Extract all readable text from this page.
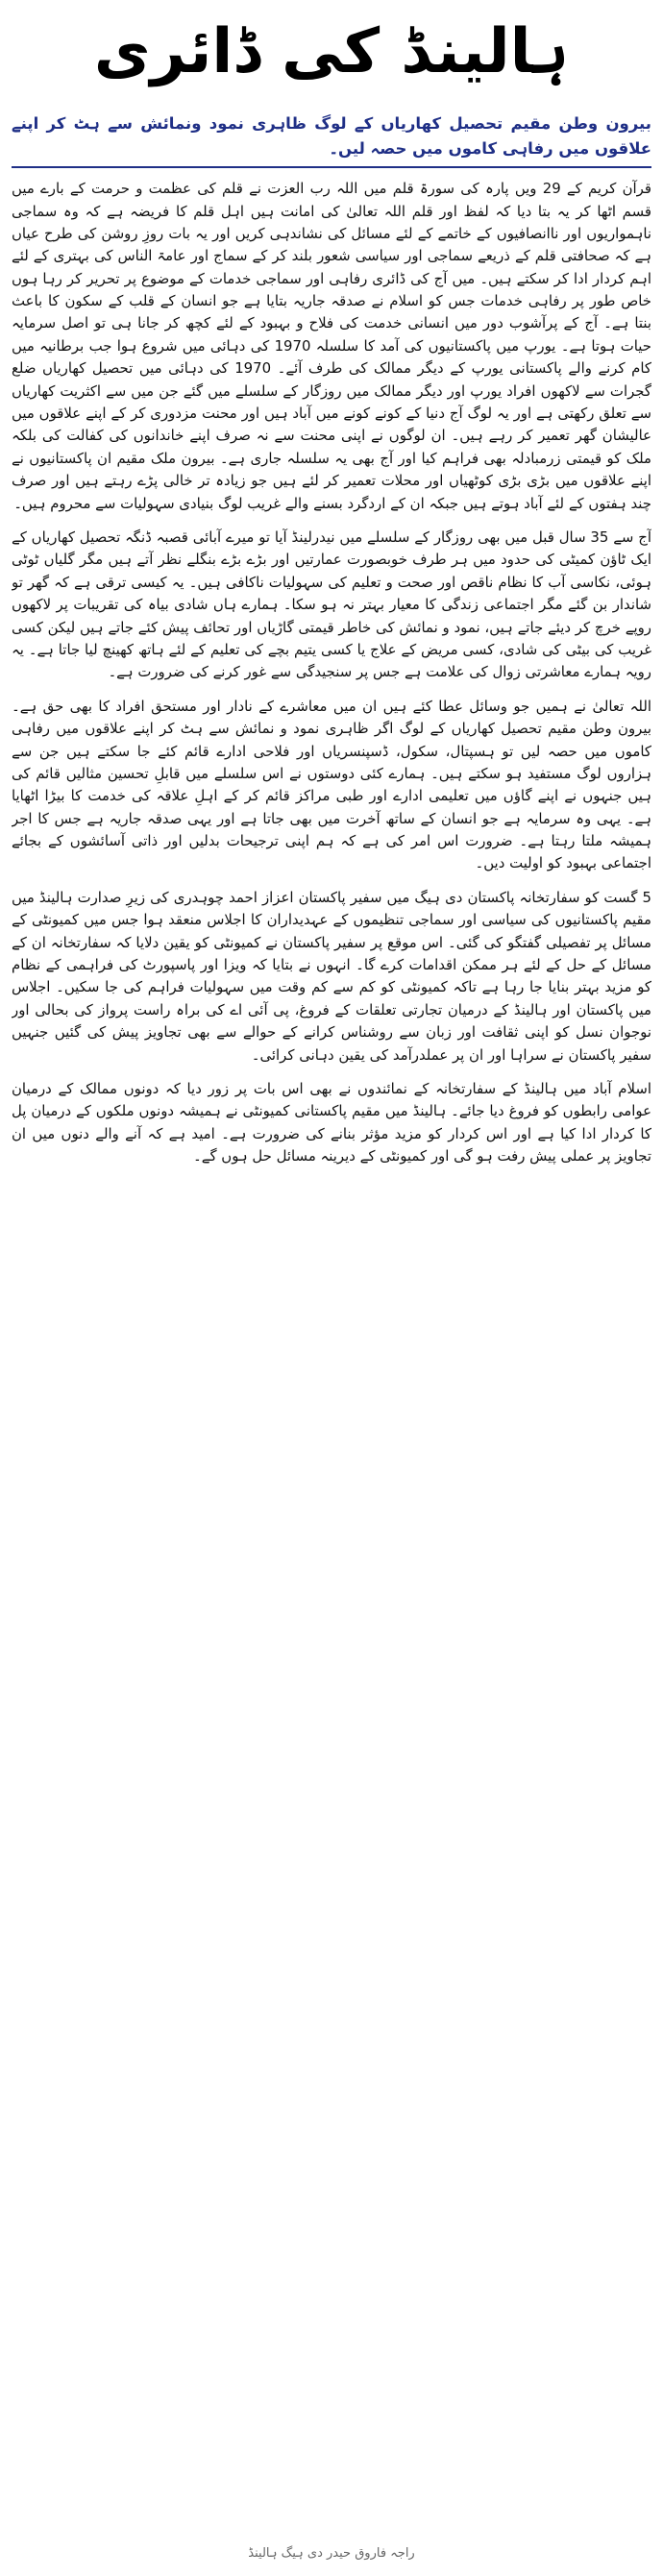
ہالینڈ کی ڈائری

بیرون وطن مقیم تحصیل کھاریاں کے لوگ ظاہری نمود ونمائش سے ہٹ کر اپنے علاقوں میں رفاہی کاموں میں حصہ لیں۔

قرآن کریم کے 29 ویں پارہ کی سورۃ قلم میں اللہ رب العزت نے قلم کی عظمت و حرمت کے بارے میں قسم اٹھا کر یہ بتا دیا کہ لفظ اور قلم اللہ تعالیٰ کی امانت ہیں اہل قلم کا فریضہ ہے کہ وہ سماجی ناہمواریوں اور ناانصافیوں کے خاتمے کے لئے مسائل کی نشاندہی کریں اور یہ بات روزِ روشن کی طرح عیاں ہے کہ صحافتی قلم کے ذریعے سماجی اور سیاسی شعور بلند کر کے سماج اور عامۃ الناس کی بہتری کے لئے اہم کردار ادا کر سکتے ہیں۔ میں آج کی ڈائری رفاہی اور سماجی خدمات کے موضوع پر تحریر کر رہا ہوں خاص طور پر رفاہی خدمات جس کو اسلام نے صدقہ جاریہ بتایا ہے جو انسان کے قلب کے سکون کا باعث بنتا ہے۔ آج کے پرآشوب دور میں انسانی خدمت کی فلاح و بہبود کے لئے کچھ کر جانا ہی تو اصل سرمایہ حیات ہوتا ہے۔ یورپ میں پاکستانیوں کی آمد کا سلسلہ 1970 کی دہائی میں شروع ہوا جب برطانیہ میں کام کرنے والے پاکستانی یورپ کے دیگر ممالک کی طرف آئے۔ 1970 کی دہائی میں تحصیل کھاریاں ضلع گجرات سے لاکھوں افراد یورپ اور دیگر ممالک میں روزگار کے سلسلے میں گئے جن میں سے اکثریت کھاریاں سے تعلق رکھتی ہے اور یہ لوگ آج دنیا کے کونے کونے میں آباد ہیں اور محنت مزدوری کر کے اپنے علاقوں میں عالیشان گھر تعمیر کر رہے ہیں۔ ان لوگوں نے اپنی محنت سے نہ صرف اپنے خاندانوں کی کفالت کی بلکہ ملک کو قیمتی زرمبادلہ بھی فراہم کیا اور آج بھی یہ سلسلہ جاری ہے۔ بیرون ملک مقیم ان پاکستانیوں نے اپنے علاقوں میں بڑی بڑی کوٹھیاں اور محلات تعمیر کر لئے ہیں جو زیادہ تر خالی پڑے رہتے ہیں اور صرف چند ہفتوں کے لئے آباد ہوتے ہیں جبکہ ان کے اردگرد بسنے والے غریب لوگ بنیادی سہولیات سے محروم ہیں۔

آج سے 35 سال قبل میں بھی روزگار کے سلسلے میں نیدرلینڈ آیا تو میرے آبائی قصبہ ڈنگہ تحصیل کھاریاں کے ایک ٹاؤن کمیٹی کی حدود میں ہر طرف خوبصورت عمارتیں اور بڑے بڑے بنگلے نظر آتے ہیں مگر گلیاں ٹوٹی ہوئی، نکاسی آب کا نظام ناقص اور صحت و تعلیم کی سہولیات ناکافی ہیں۔ یہ کیسی ترقی ہے کہ گھر تو شاندار بن گئے مگر اجتماعی زندگی کا معیار بہتر نہ ہو سکا۔ ہمارے ہاں شادی بیاہ کی تقریبات پر لاکھوں روپے خرچ کر دیئے جاتے ہیں، نمود و نمائش کی خاطر قیمتی گاڑیاں اور تحائف پیش کئے جاتے ہیں لیکن کسی غریب کی بیٹی کی شادی، کسی مریض کے علاج یا کسی یتیم بچے کی تعلیم کے لئے ہاتھ کھینچ لیا جاتا ہے۔ یہ رویہ ہمارے معاشرتی زوال کی علامت ہے جس پر سنجیدگی سے غور کرنے کی ضرورت ہے۔

اللہ تعالیٰ نے ہمیں جو وسائل عطا کئے ہیں ان میں معاشرے کے نادار اور مستحق افراد کا بھی حق ہے۔ بیرون وطن مقیم تحصیل کھاریاں کے لوگ اگر ظاہری نمود و نمائش سے ہٹ کر اپنے علاقوں میں رفاہی کاموں میں حصہ لیں تو ہسپتال، سکول، ڈسپنسریاں اور فلاحی ادارے قائم کئے جا سکتے ہیں جن سے ہزاروں لوگ مستفید ہو سکتے ہیں۔ ہمارے کئی دوستوں نے اس سلسلے میں قابلِ تحسین مثالیں قائم کی ہیں جنہوں نے اپنے گاؤں میں تعلیمی ادارے اور طبی مراکز قائم کر کے اہلِ علاقہ کی خدمت کا بیڑا اٹھایا ہے۔ یہی وہ سرمایہ ہے جو انسان کے ساتھ آخرت میں بھی جاتا ہے اور یہی صدقہ جاریہ ہے جس کا اجر ہمیشہ ملتا رہتا ہے۔ ضرورت اس امر کی ہے کہ ہم اپنی ترجیحات بدلیں اور ذاتی آسائشوں کے بجائے اجتماعی بہبود کو اولیت دیں۔

5 گست کو سفارتخانہ پاکستان دی ہیگ میں سفیر پاکستان اعزاز احمد چوہدری کی زیرِ صدارت ہالینڈ میں مقیم پاکستانیوں کی سیاسی اور سماجی تنظیموں کے عہدیداران کا اجلاس منعقد ہوا جس میں کمیونٹی کے مسائل پر تفصیلی گفتگو کی گئی۔ اس موقع پر سفیر پاکستان نے کمیونٹی کو یقین دلایا کہ سفارتخانہ ان کے مسائل کے حل کے لئے ہر ممکن اقدامات کرے گا۔ انہوں نے بتایا کہ ویزا اور پاسپورٹ کی فراہمی کے نظام کو مزید بہتر بنایا جا رہا ہے تاکہ کمیونٹی کو کم سے کم وقت میں سہولیات فراہم کی جا سکیں۔ اجلاس میں پاکستان اور ہالینڈ کے درمیان تجارتی تعلقات کے فروغ، پی آئی اے کی براہ راست پرواز کی بحالی اور نوجوان نسل کو اپنی ثقافت اور زبان سے روشناس کرانے کے حوالے سے بھی تجاویز پیش کی گئیں جنہیں سفیر پاکستان نے سراہا اور ان پر عملدرآمد کی یقین دہانی کرائی۔

اسلام آباد میں ہالینڈ کے سفارتخانہ کے نمائندوں نے بھی اس بات پر زور دیا کہ دونوں ممالک کے درمیان عوامی رابطوں کو فروغ دیا جائے۔ ہالینڈ میں مقیم پاکستانی کمیونٹی نے ہمیشہ دونوں ملکوں کے درمیان پل کا کردار ادا کیا ہے اور اس کردار کو مزید مؤثر بنانے کی ضرورت ہے۔ امید ہے کہ آنے والے دنوں میں ان تجاویز پر عملی پیش رفت ہو گی اور کمیونٹی کے دیرینہ مسائل حل ہوں گے۔

راجہ فاروق حیدر دی ہیگ ہالینڈ
